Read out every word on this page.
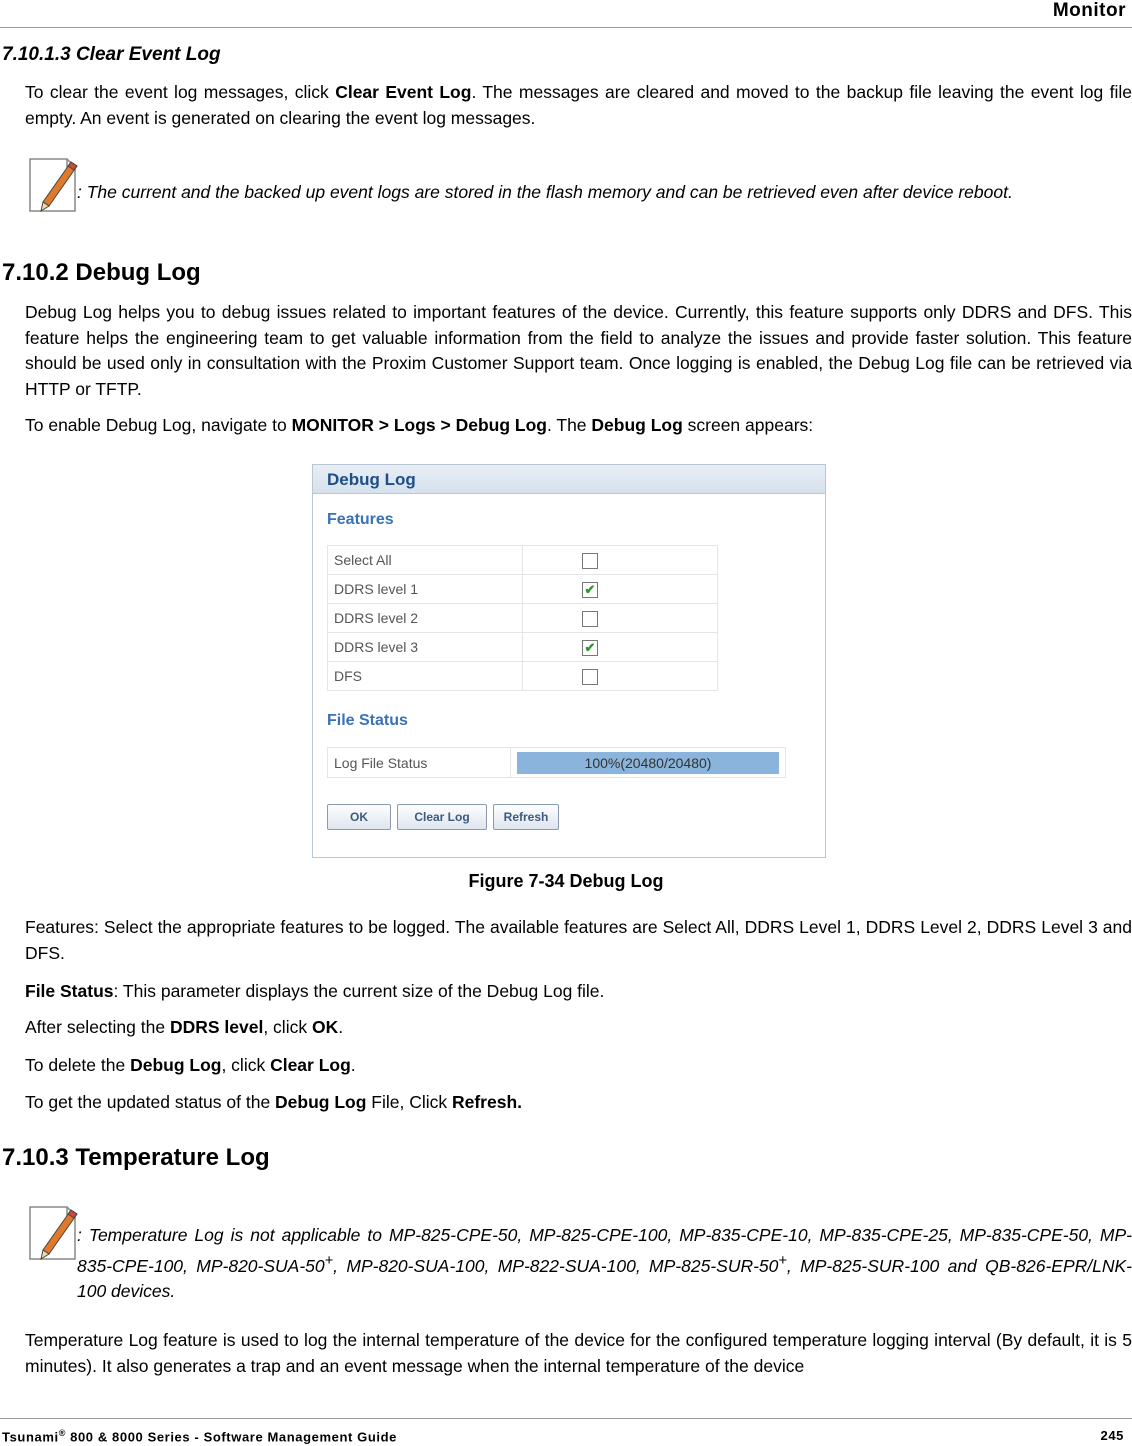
Monitor
7.10.1.3 Clear Event Log
To clear the event log messages, click Clear Event Log. The messages are cleared and moved to the backup file leaving the event log file empty. An event is generated on clearing the event log messages.
: The current and the backed up event logs are stored in the flash memory and can be retrieved even after device reboot.
7.10.2 Debug Log
Debug Log helps you to debug issues related to important features of the device. Currently, this feature supports only DDRS and DFS. This feature helps the engineering team to get valuable information from the field to analyze the issues and provide faster solution. This feature should be used only in consultation with the Proxim Customer Support team. Once logging is enabled, the Debug Log file can be retrieved via HTTP or TFTP.
To enable Debug Log, navigate to MONITOR > Logs > Debug Log. The Debug Log screen appears:
Debug Log
Features
Select All	
DDRS level 1	✔
DDRS level 2	
DDRS level 3	✔
DFS	
File Status
Log File Status	100%(20480/20480)
OK	Clear Log	Refresh
Figure 7-34 Debug Log
Features: Select the appropriate features to be logged. The available features are Select All, DDRS Level 1, DDRS Level 2, DDRS Level 3 and DFS.
File Status: This parameter displays the current size of the Debug Log file.
After selecting the DDRS level, click OK.
To delete the Debug Log, click Clear Log.
To get the updated status of the Debug Log File, Click Refresh.
7.10.3 Temperature Log
: Temperature Log is not applicable to MP-825-CPE-50, MP-825-CPE-100, MP-835-CPE-10, MP-835-CPE-25, MP-835-CPE-50, MP-835-CPE-100, MP-820-SUA-50+, MP-820-SUA-100, MP-822-SUA-100, MP-825-SUR-50+, MP-825-SUR-100 and QB-826-EPR/LNK-100 devices.
Temperature Log feature is used to log the internal temperature of the device for the configured temperature logging interval (By default, it is 5 minutes). It also generates a trap and an event message when the internal temperature of the device
Tsunami® 800 & 8000 Series - Software Management Guide	245
